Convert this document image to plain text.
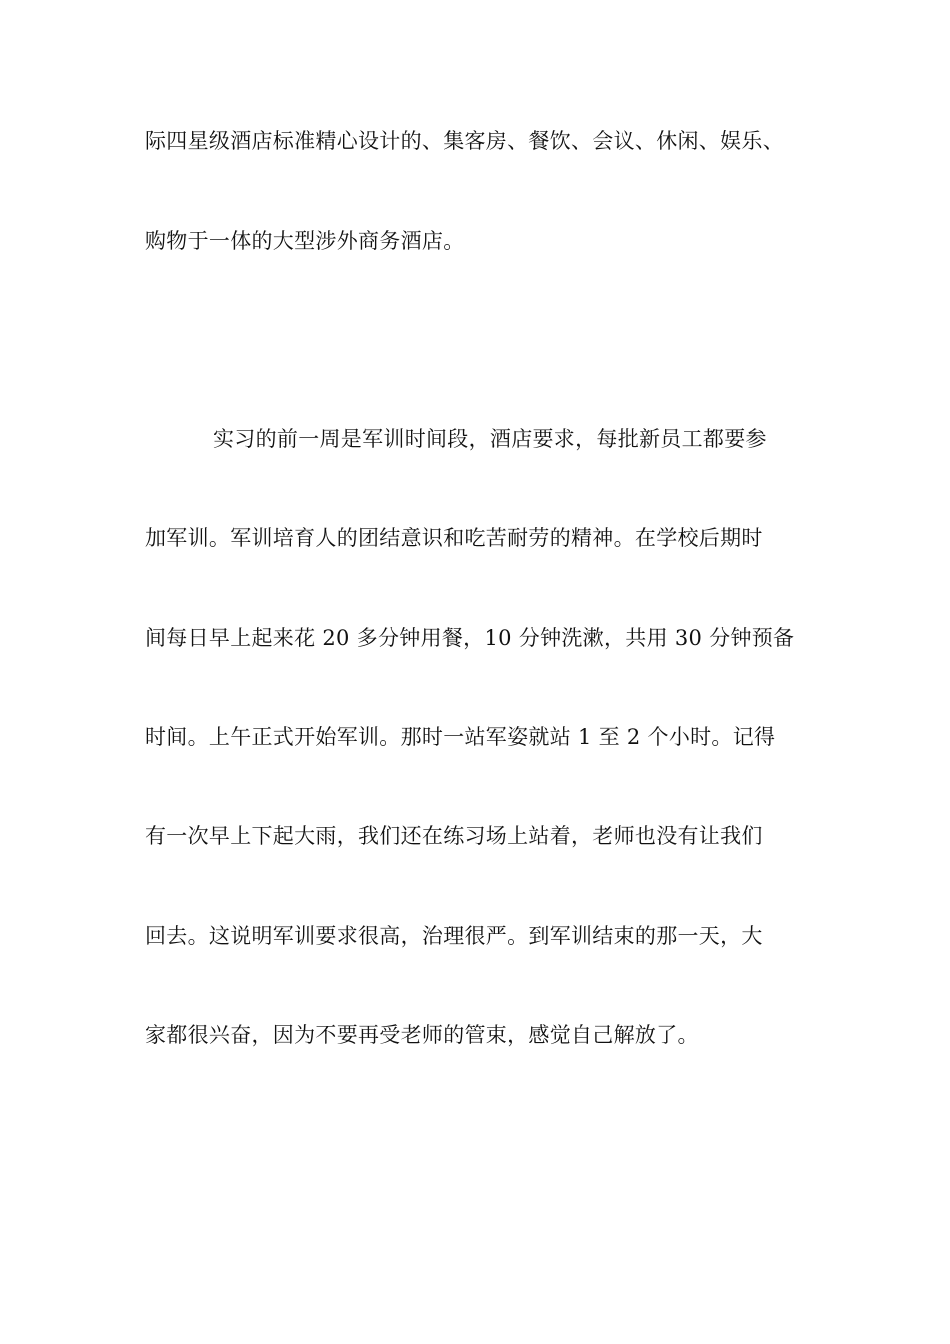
际四星级酒店标准精心设计的、集客房、餐饮、会议、休闲、娱乐、

购物于一体的大型涉外商务酒店。

实习的前一周是军训时间段，酒店要求，每批新员工都要参

加军训。军训培育人的团结意识和吃苦耐劳的精神。在学校后期时

间每日早上起来花 20 多分钟用餐，10 分钟洗漱，共用 30 分钟预备

时间。上午正式开始军训。那时一站军姿就站 1 至 2 个小时。记得

有一次早上下起大雨，我们还在练习场上站着，老师也没有让我们

回去。这说明军训要求很高，治理很严。到军训结束的那一天，大

家都很兴奋，因为不要再受老师的管束，感觉自己解放了。
